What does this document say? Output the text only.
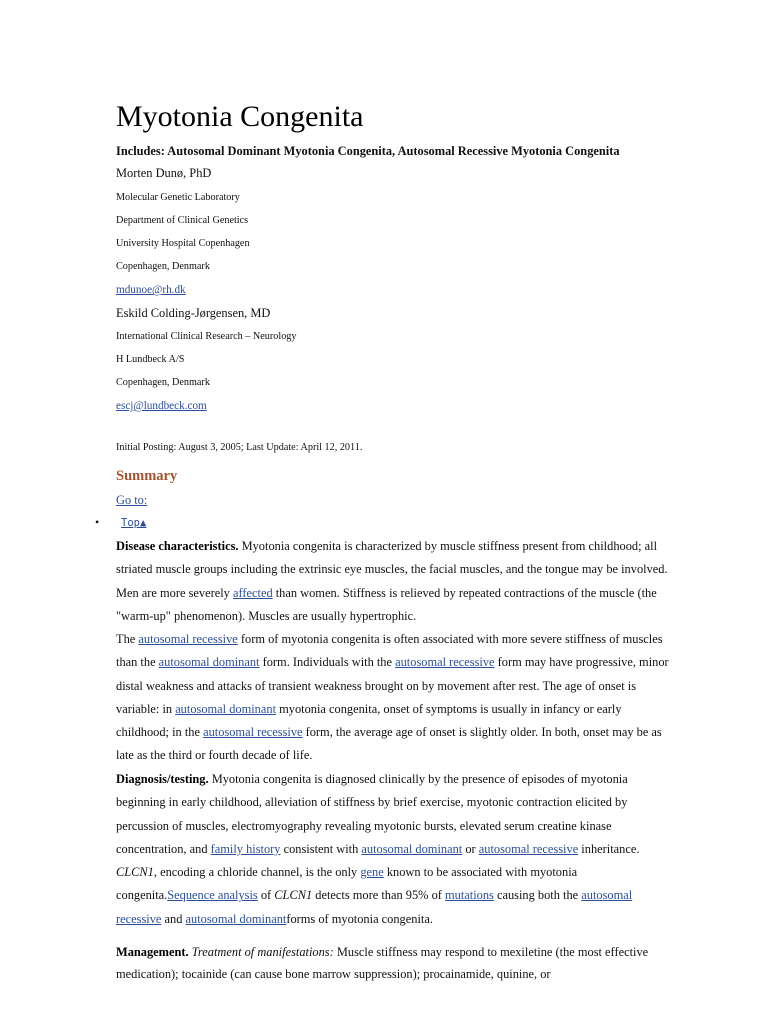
Myotonia Congenita

Includes: Autosomal Dominant Myotonia Congenita, Autosomal Recessive Myotonia Congenita

Morten Dunø, PhD

Molecular Genetic Laboratory

Department of Clinical Genetics

University Hospital Copenhagen

Copenhagen, Denmark

mdunoe@rh.dk

Eskild Colding-Jørgensen, MD

International Clinical Research – Neurology

H Lundbeck A/S

Copenhagen, Denmark

escj@lundbeck.com

Initial Posting: August 3, 2005; Last Update: April 12, 2011.

Summary
Go to:
• Top▲

Disease characteristics. Myotonia congenita is characterized by muscle stiffness present from childhood; all striated muscle groups including the extrinsic eye muscles, the facial muscles, and the tongue may be involved. Men are more severely affected than women. Stiffness is relieved by repeated contractions of the muscle (the "warm-up" phenomenon). Muscles are usually hypertrophic.

The autosomal recessive form of myotonia congenita is often associated with more severe stiffness of muscles than the autosomal dominant form. Individuals with the autosomal recessive form may have progressive, minor distal weakness and attacks of transient weakness brought on by movement after rest. The age of onset is variable: in autosomal dominant myotonia congenita, onset of symptoms is usually in infancy or early childhood; in the autosomal recessive form, the average age of onset is slightly older. In both, onset may be as late as the third or fourth decade of life.

Diagnosis/testing. Myotonia congenita is diagnosed clinically by the presence of episodes of myotonia beginning in early childhood, alleviation of stiffness by brief exercise, myotonic contraction elicited by percussion of muscles, electromyography revealing myotonic bursts, elevated serum creatine kinase concentration, and family history consistent with autosomal dominant or autosomal recessive inheritance. CLCN1, encoding a chloride channel, is the only gene known to be associated with myotonia congenita.Sequence analysis of CLCN1 detects more than 95% of mutations causing both the autosomal recessive and autosomal dominantforms of myotonia congenita.

Management. Treatment of manifestations: Muscle stiffness may respond to mexiletine (the most effective medication); tocainide (can cause bone marrow suppression); procainamide, quinine, or
